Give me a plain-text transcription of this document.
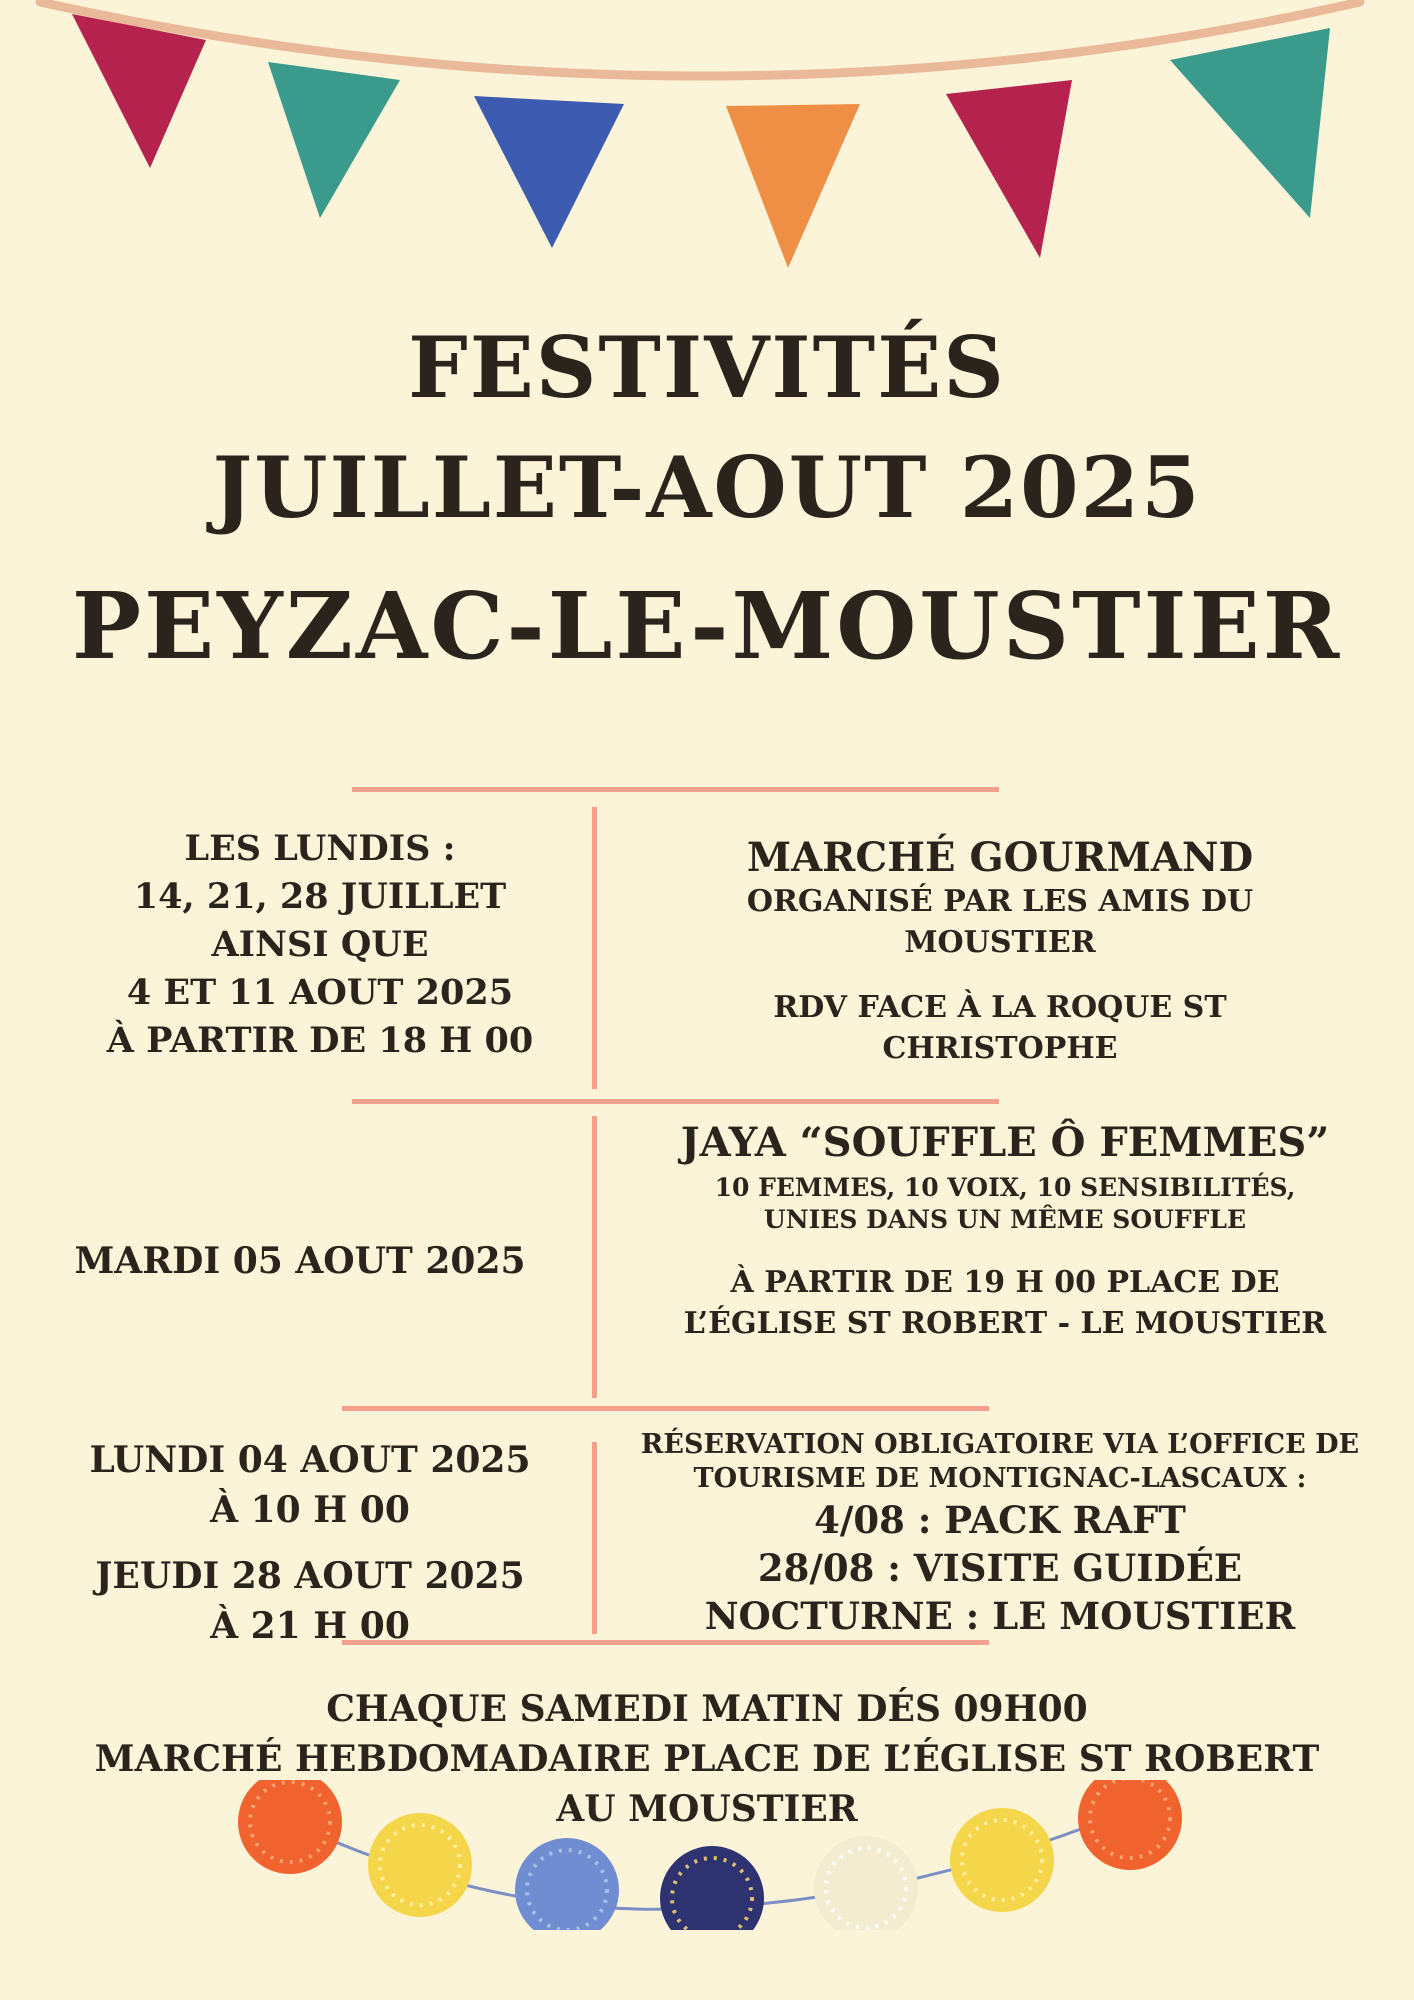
FESTIVITÉS
JUILLET-AOUT 2025
PEYZAC-LE-MOUSTIER
LES LUNDIS :
14, 21, 28 JUILLET
AINSI QUE
4 ET 11 AOUT 2025
À PARTIR DE 18 H 00
MARCHÉ GOURMAND
ORGANISÉ PAR LES AMIS DU
MOUSTIER
RDV FACE À LA ROQUE ST
CHRISTOPHE
MARDI 05 AOUT 2025
JAYA “SOUFFLE Ô FEMMES”
10 FEMMES, 10 VOIX, 10 SENSIBILITÉS,
UNIES DANS UN MÊME SOUFFLE
À PARTIR DE 19 H 00 PLACE DE
L’ÉGLISE ST ROBERT - LE MOUSTIER
LUNDI 04 AOUT 2025
À 10 H 00
JEUDI 28 AOUT 2025
À 21 H 00
RÉSERVATION OBLIGATOIRE VIA L’OFFICE DE
TOURISME DE MONTIGNAC-LASCAUX :
4/08 : PACK RAFT
28/08 : VISITE GUIDÉE
NOCTURNE : LE MOUSTIER
CHAQUE SAMEDI MATIN DÉS 09H00
MARCHÉ HEBDOMADAIRE PLACE DE L’ÉGLISE ST ROBERT
AU MOUSTIER
